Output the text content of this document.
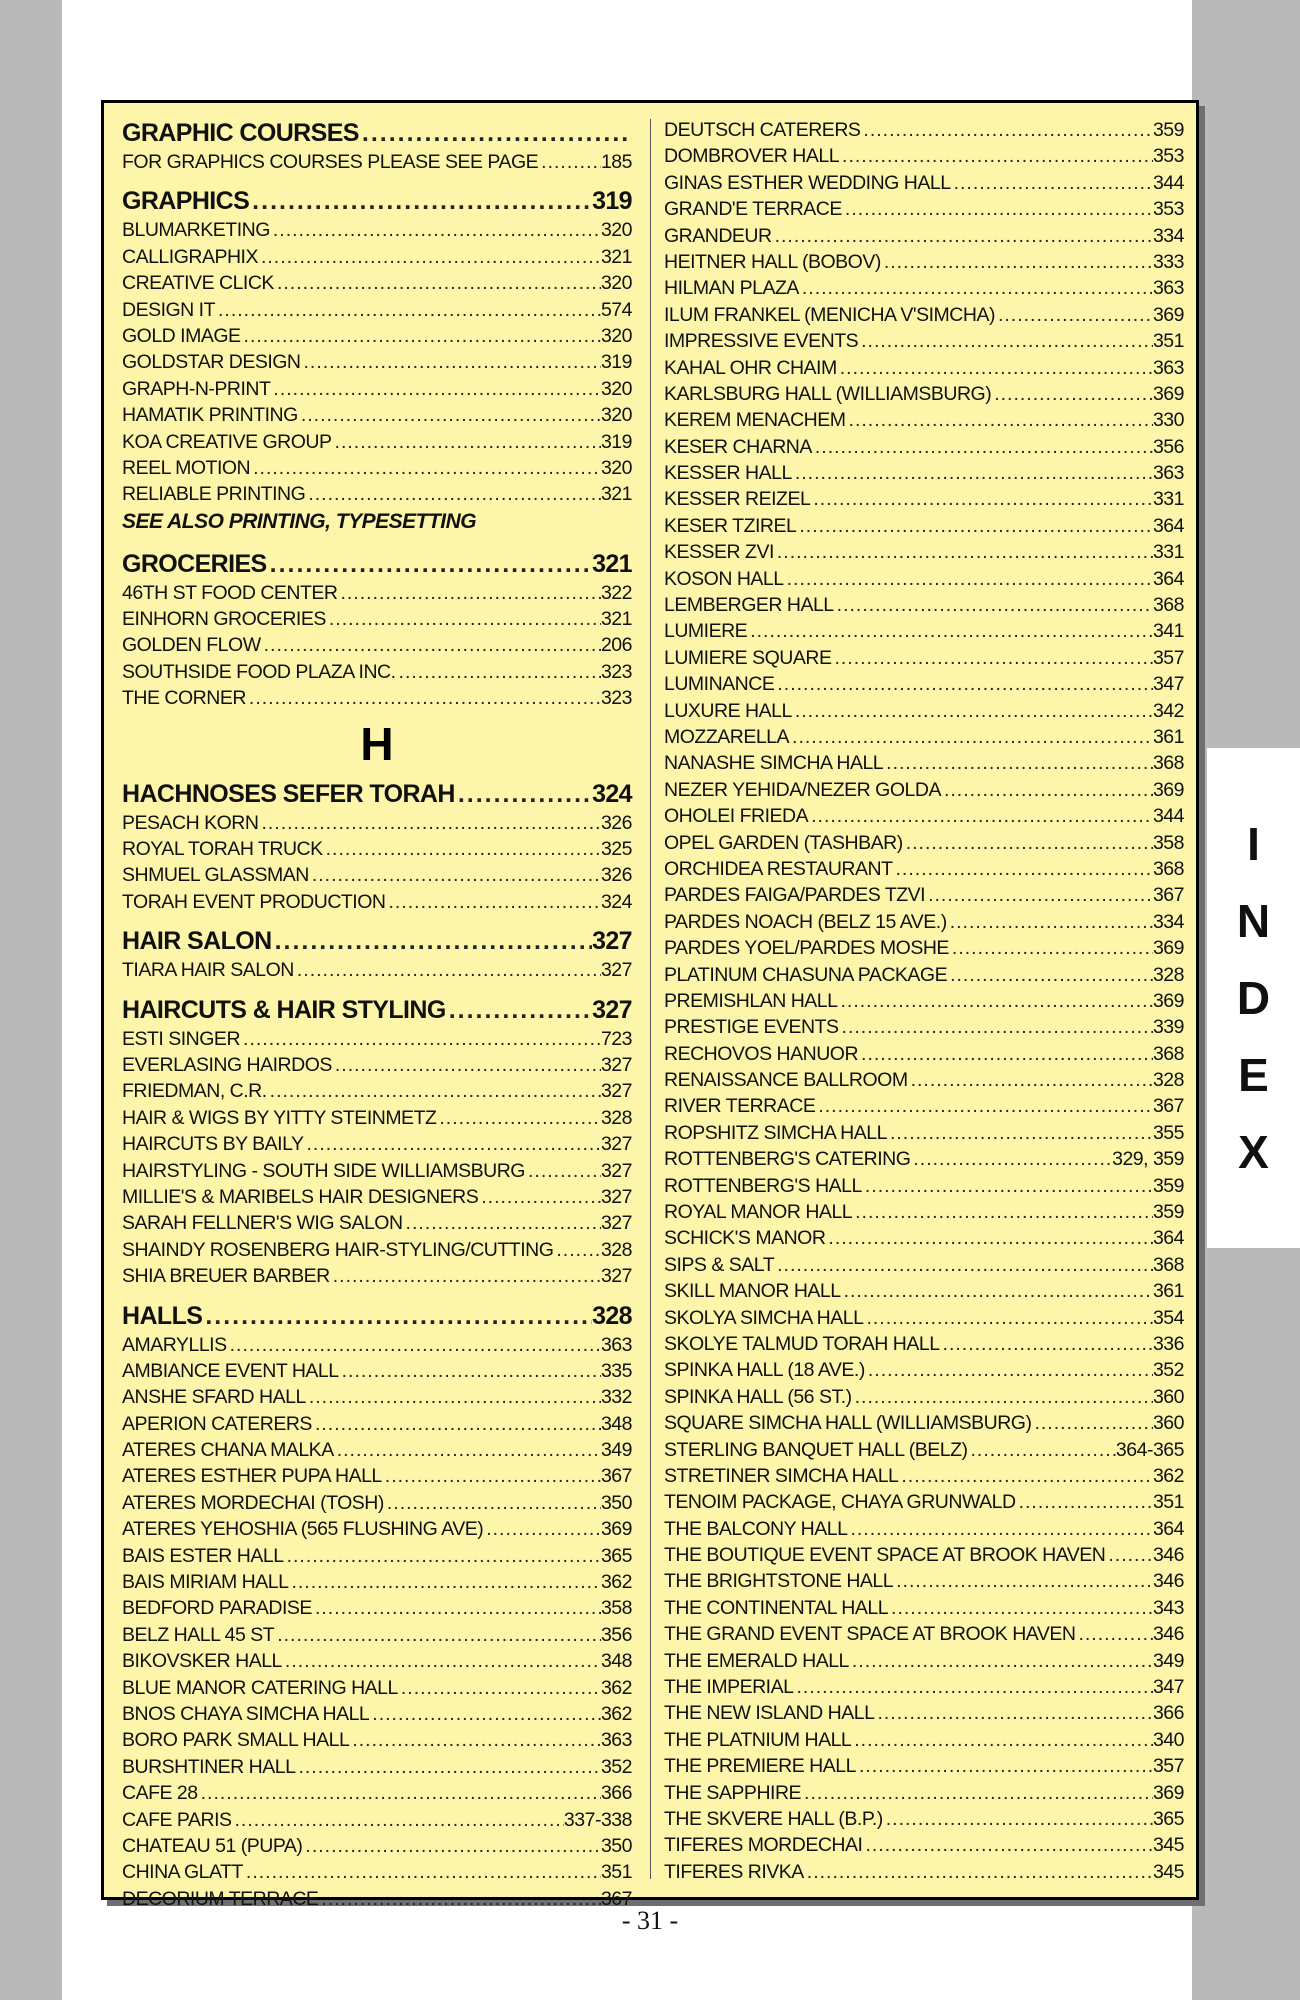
GRAPHIC COURSES
.....
FOR GRAPHICS COURSES PLEASE SEE PAGE .....	185
GRAPHICS .....	319
BLUMARKETING .....	320
CALLIGRAPHIX .....	321
CREATIVE CLICK .....	320
DESIGN IT .....	574
GOLD IMAGE .....	320
GOLDSTAR DESIGN .....	319
GRAPH-N-PRINT .....	320
HAMATIK PRINTING .....	320
KOA CREATIVE GROUP .....	319
REEL MOTION .....	320
RELIABLE PRINTING .....	321
SEE ALSO PRINTING, TYPESETTING
GROCERIES .....	321
46TH ST FOOD CENTER .....	322
EINHORN GROCERIES .....	321
GOLDEN FLOW .....	206
SOUTHSIDE FOOD PLAZA INC. .....	323
THE CORNER .....	323
H
HACHNOSES SEFER TORAH .....	324
PESACH KORN .....	326
ROYAL TORAH TRUCK .....	325
SHMUEL GLASSMAN .....	326
TORAH EVENT PRODUCTION .....	324
HAIR SALON .....	327
TIARA HAIR SALON .....	327
HAIRCUTS & HAIR STYLING .....	327
ESTI SINGER .....	723
EVERLASING HAIRDOS .....	327
FRIEDMAN, C.R. .....	327
HAIR & WIGS BY YITTY STEINMETZ .....	328
HAIRCUTS BY BAILY .....	327
HAIRSTYLING - SOUTH SIDE WILLIAMSBURG .....	327
MILLIE'S & MARIBELS HAIR DESIGNERS .....	327
SARAH FELLNER'S WIG SALON .....	327
SHAINDY ROSENBERG HAIR-STYLING/CUTTING ..... 328
SHIA BREUER BARBER .....	327
HALLS .....	328
AMARYLLIS .....	363
AMBIANCE EVENT HALL .....	335
ANSHE SFARD HALL .....	332
APERION CATERERS .....	348
ATERES CHANA MALKA .....	349
ATERES ESTHER PUPA HALL .....	367
ATERES MORDECHAI (TOSH) .....	350
ATERES YEHOSHIA (565 FLUSHING AVE) .....	369
BAIS ESTER HALL .....	365
BAIS MIRIAM HALL .....	362
BEDFORD PARADISE .....	358
BELZ HALL 45 ST .....	356
BIKOVSKER HALL .....	348
BLUE MANOR CATERING HALL .....	362
BNOS CHAYA SIMCHA HALL .....	362
BORO PARK SMALL HALL .....	363
BURSHTINER HALL .....	352
CAFE 28 .....	366
CAFE PARIS .....	337-338
CHATEAU 51 (PUPA) .....	350
CHINA GLATT .....	351
DECORIUM TERRACE .....	367
DEUTSCH CATERERS .....	359
DOMBROVER HALL .....	353
GINAS ESTHER WEDDING HALL .....	344
GRAND'E TERRACE .....	353
GRANDEUR .....	334
HEITNER HALL (BOBOV) .....	333
HILMAN PLAZA .....	363
ILUM FRANKEL (MENICHA V'SIMCHA) .....	369
IMPRESSIVE EVENTS .....	351
KAHAL OHR CHAIM .....	363
KARLSBURG HALL (WILLIAMSBURG) .....	369
KEREM MENACHEM .....	330
KESER CHARNA .....	356
KESSER HALL .....	363
KESSER REIZEL .....	331
KESER TZIREL .....	364
KESSER ZVI .....	331
KOSON HALL .....	364
LEMBERGER HALL .....	368
LUMIERE .....	341
LUMIERE SQUARE .....	357
LUMINANCE .....	347
LUXURE HALL .....	342
MOZZARELLA .....	361
NANASHE SIMCHA HALL .....	368
NEZER YEHIDA/NEZER GOLDA .....	369
OHOLEI FRIEDA .....	344
OPEL GARDEN (TASHBAR) .....	358
ORCHIDEA RESTAURANT .....	368
PARDES FAIGA/PARDES TZVI .....	367
PARDES NOACH (BELZ 15 AVE.) .....	334
PARDES YOEL/PARDES MOSHE .....	369
PLATINUM CHASUNA PACKAGE .....	328
PREMISHLAN HALL .....	369
PRESTIGE EVENTS .....	339
RECHOVOS HANUOR .....	368
RENAISSANCE BALLROOM .....	328
RIVER TERRACE .....	367
ROPSHITZ SIMCHA HALL .....	355
ROTTENBERG'S CATERING .....	329, 359
ROTTENBERG'S HALL .....	359
ROYAL MANOR HALL .....	359
SCHICK'S MANOR .....	364
SIPS & SALT .....	368
SKILL MANOR HALL .....	361
SKOLYA SIMCHA HALL .....	354
SKOLYE TALMUD TORAH HALL .....	336
SPINKA HALL (18 AVE.) .....	352
SPINKA HALL (56 ST.) .....	360
SQUARE SIMCHA HALL (WILLIAMSBURG) .....	360
STERLING BANQUET HALL (BELZ) .....	364-365
STRETINER SIMCHA HALL .....	362
TENOIM PACKAGE, CHAYA GRUNWALD .....	351
THE BALCONY HALL .....	364
THE BOUTIQUE EVENT SPACE AT BROOK HAVEN ..... 346
THE BRIGHTSTONE HALL .....	346
THE CONTINENTAL HALL .....	343
THE GRAND EVENT SPACE AT BROOK HAVEN .....	346
THE EMERALD HALL .....	349
THE IMPERIAL .....	347
THE NEW ISLAND HALL .....	366
THE PLATNIUM HALL .....	340
THE PREMIERE HALL .....	357
THE SAPPHIRE .....	369
THE SKVERE HALL (B.P.) .....	365
TIFERES MORDECHAI .....	345
TIFERES RIVKA .....	345
I
N
D
E
X
- 31 -
